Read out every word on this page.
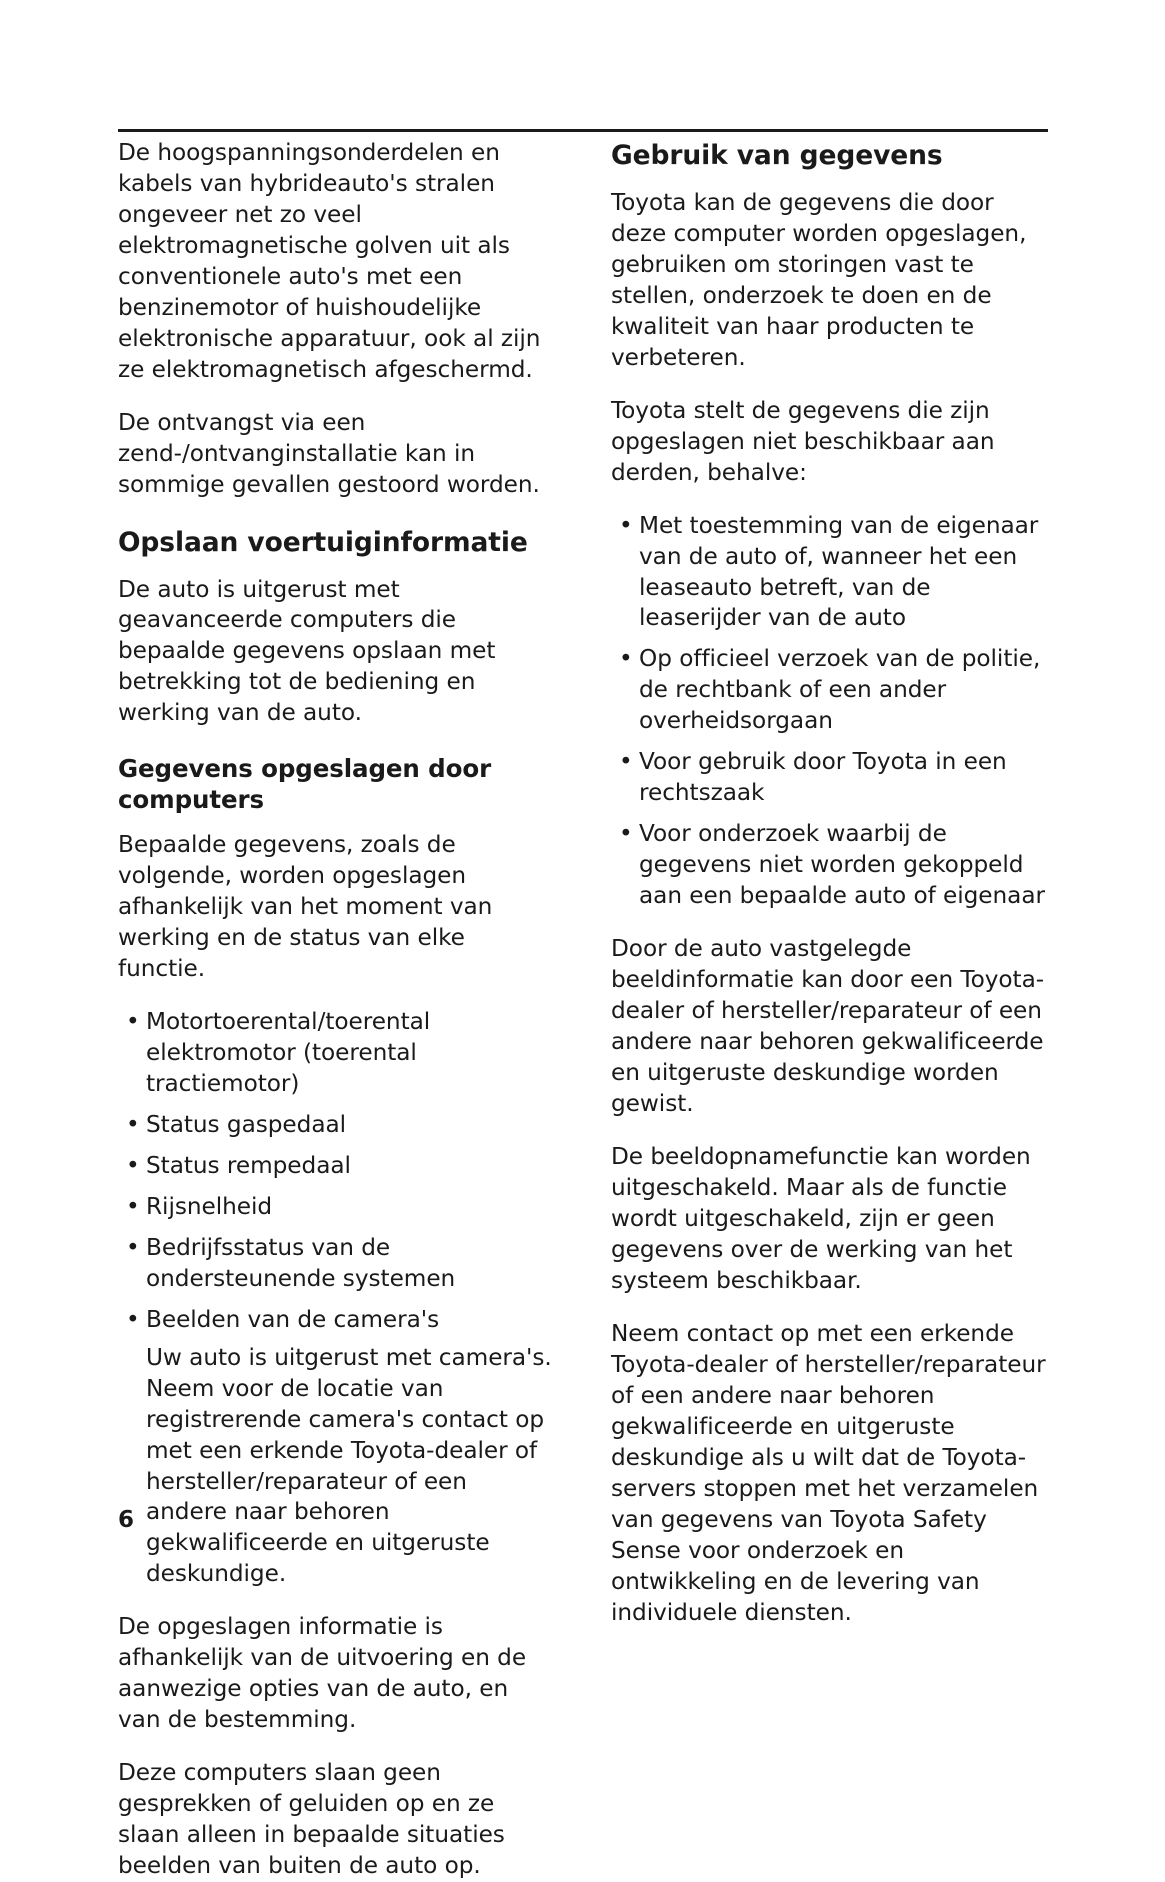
De hoogspanningsonderdelen en kabels van hybrideauto's stralen ongeveer net zo veel elektromagnetische golven uit als conventionele auto's met een benzinemotor of huishoudelijke elektronische apparatuur, ook al zijn ze elektromagnetisch afgeschermd.

De ontvangst via een zend-/ontvanginstallatie kan in sommige gevallen gestoord worden.

Opslaan voertuiginformatie

De auto is uitgerust met geavanceerde computers die bepaalde gegevens opslaan met betrekking tot de bediening en werking van de auto.

Gegevens opgeslagen door computers

Bepaalde gegevens, zoals de volgende, worden opgeslagen afhankelijk van het moment van werking en de status van elke functie.

• Motortoerental/toerental elektromotor (toerental tractiemotor)
• Status gaspedaal
• Status rempedaal
• Rijsnelheid
• Bedrijfsstatus van de ondersteunende systemen
• Beelden van de camera's
Uw auto is uitgerust met camera's. Neem voor de locatie van registrerende camera's contact op met een erkende Toyota-dealer of hersteller/reparateur of een andere naar behoren gekwalificeerde en uitgeruste deskundige.

De opgeslagen informatie is afhankelijk van de uitvoering en de aanwezige opties van de auto, en van de bestemming.

Deze computers slaan geen gesprekken of geluiden op en ze slaan alleen in bepaalde situaties beelden van buiten de auto op.

Gebruik van gegevens

Toyota kan de gegevens die door deze computer worden opgeslagen, gebruiken om storingen vast te stellen, onderzoek te doen en de kwaliteit van haar producten te verbeteren.

Toyota stelt de gegevens die zijn opgeslagen niet beschikbaar aan derden, behalve:

• Met toestemming van de eigenaar van de auto of, wanneer het een leaseauto betreft, van de leaserijder van de auto
• Op officieel verzoek van de politie, de rechtbank of een ander overheidsorgaan
• Voor gebruik door Toyota in een rechtszaak
• Voor onderzoek waarbij de gegevens niet worden gekoppeld aan een bepaalde auto of eigenaar

Door de auto vastgelegde beeldinformatie kan door een Toyota-dealer of hersteller/reparateur of een andere naar behoren gekwalificeerde en uitgeruste deskundige worden gewist.

De beeldopnamefunctie kan worden uitgeschakeld. Maar als de functie wordt uitgeschakeld, zijn er geen gegevens over de werking van het systeem beschikbaar.

Neem contact op met een erkende Toyota-dealer of hersteller/reparateur of een andere naar behoren gekwalificeerde en uitgeruste deskundige als u wilt dat de Toyota-servers stoppen met het verzamelen van gegevens van Toyota Safety Sense voor onderzoek en ontwikkeling en de levering van individuele diensten.

6
